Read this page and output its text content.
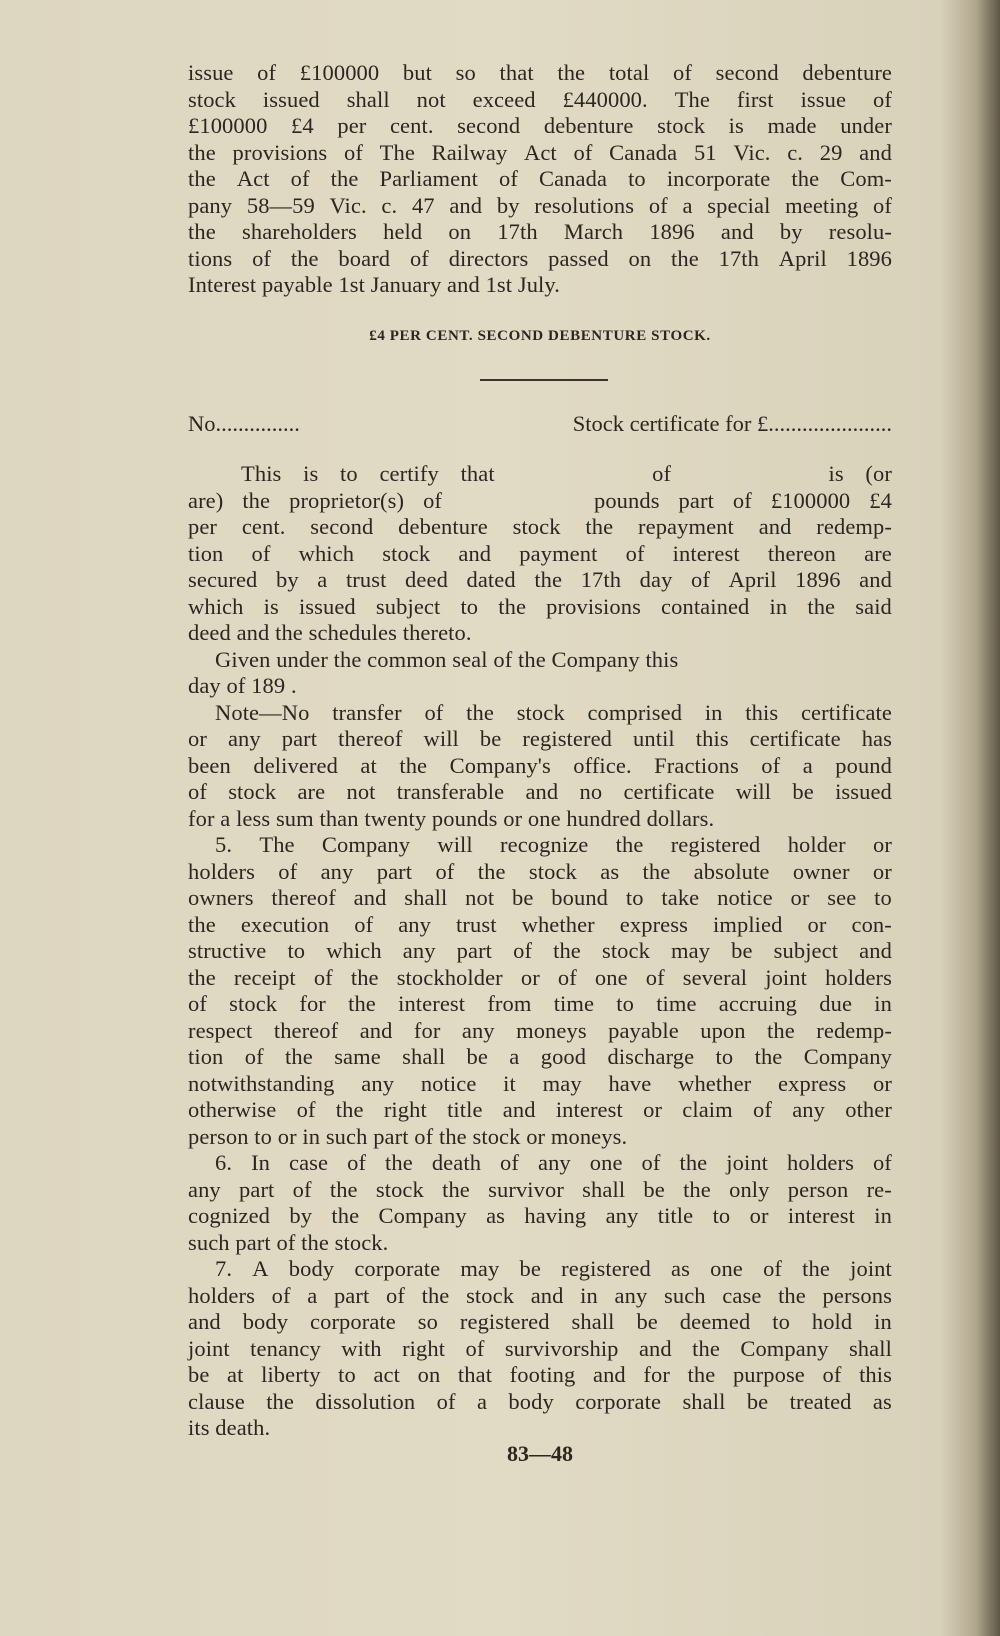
issue of £100000 but so that the total of second debenture
stock issued shall not exceed £440000. The first issue of
£100000 £4 per cent. second debenture stock is made under
the provisions of The Railway Act of Canada 51 Vic. c. 29 and
the Act of the Parliament of Canada to incorporate the Com-
pany 58—59 Vic. c. 47 and by resolutions of a special meeting of
the shareholders held on 17th March 1896 and by resolu-
tions of the board of directors passed on the 17th April 1896
Interest payable 1st January and 1st July.
£4 PER CENT. SECOND DEBENTURE STOCK.
No...............	Stock certificate for £......................
This is to certify that	of	is (or
are) the proprietor(s) of	pounds part of £100000 £4
per cent. second debenture stock the repayment and redemp-
tion of which stock and payment of interest thereon are
secured by a trust deed dated the 17th day of April 1896 and
which is issued subject to the provisions contained in the said
deed and the schedules thereto.
Given under the common seal of the Company this
day of 189 .
Note—No transfer of the stock comprised in this certificate
or any part thereof will be registered until this certificate has
been delivered at the Company's office. Fractions of a pound
of stock are not transferable and no certificate will be issued
for a less sum than twenty pounds or one hundred dollars.
5. The Company will recognize the registered holder or
holders of any part of the stock as the absolute owner or
owners thereof and shall not be bound to take notice or see to
the execution of any trust whether express implied or con-
structive to which any part of the stock may be subject and
the receipt of the stockholder or of one of several joint holders
of stock for the interest from time to time accruing due in
respect thereof and for any moneys payable upon the redemp-
tion of the same shall be a good discharge to the Company
notwithstanding any notice it may have whether express or
otherwise of the right title and interest or claim of any other
person to or in such part of the stock or moneys.
6. In case of the death of any one of the joint holders of
any part of the stock the survivor shall be the only person re-
cognized by the Company as having any title to or interest in
such part of the stock.
7. A body corporate may be registered as one of the joint
holders of a part of the stock and in any such case the persons
and body corporate so registered shall be deemed to hold in
joint tenancy with right of survivorship and the Company shall
be at liberty to act on that footing and for the purpose of this
clause the dissolution of a body corporate shall be treated as
its death.
83—48
